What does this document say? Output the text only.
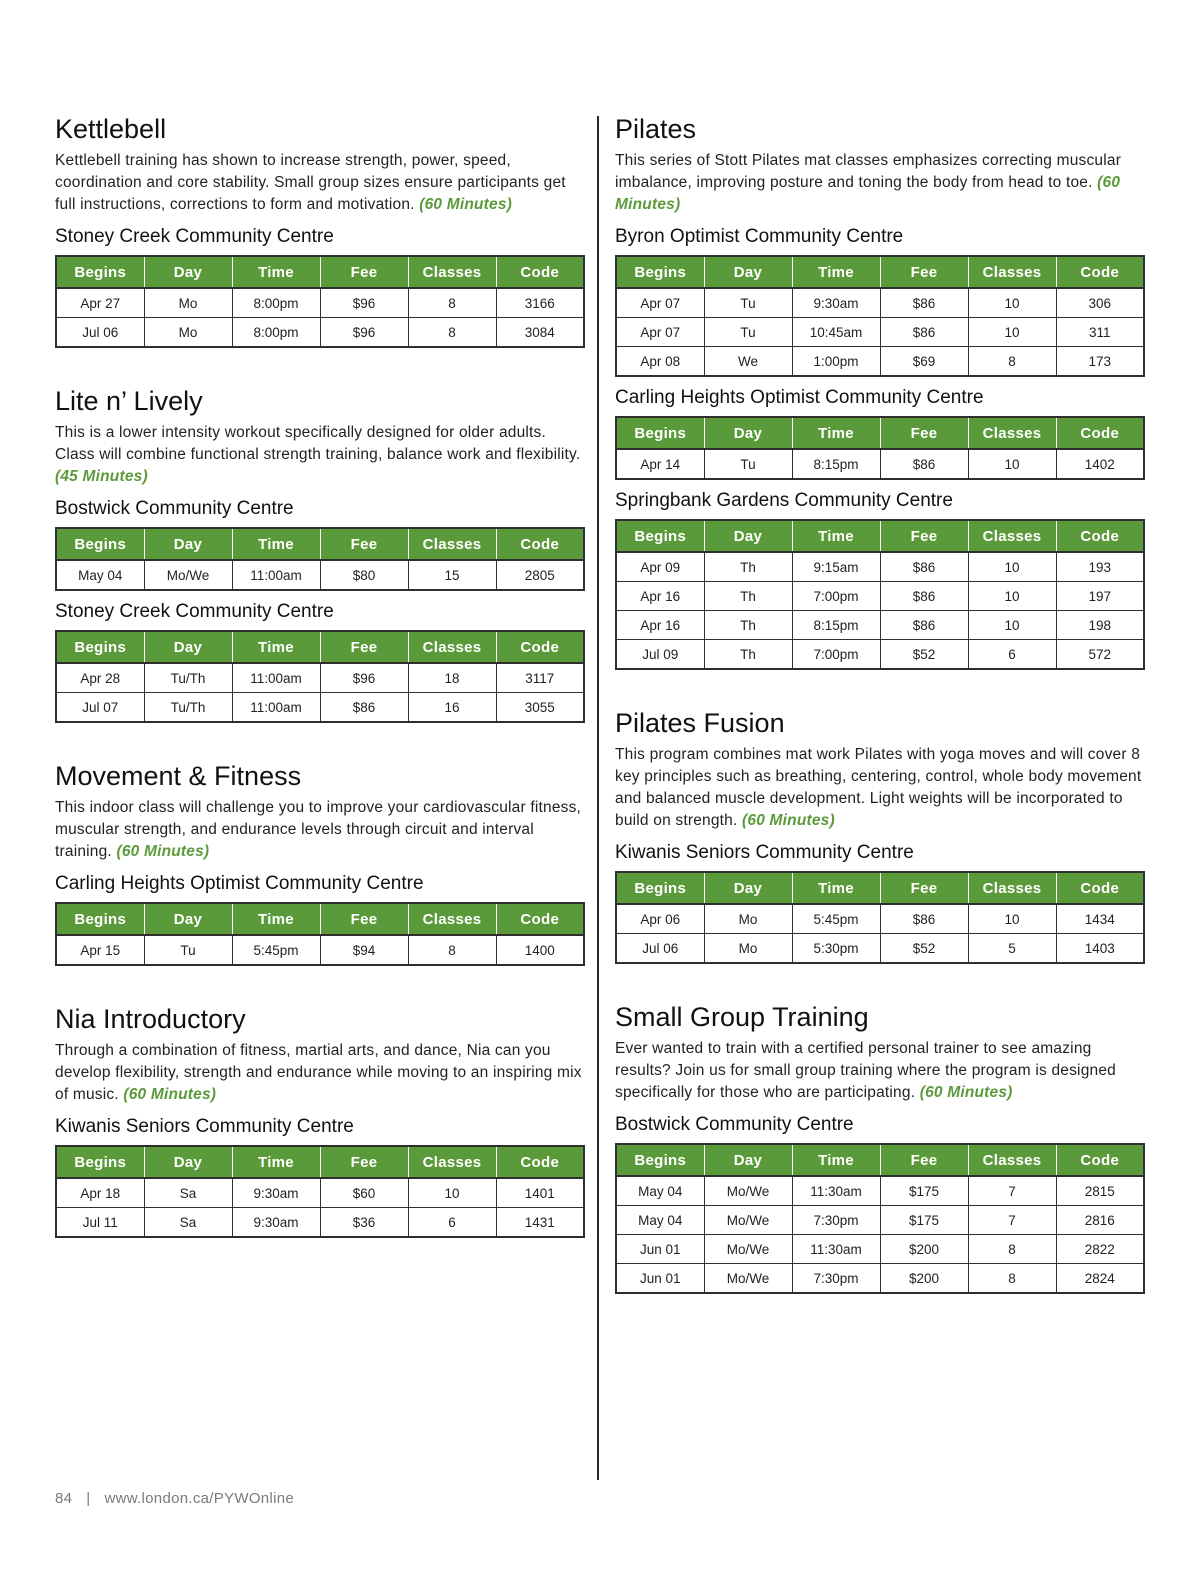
Kettlebell

Kettlebell training has shown to increase strength, power, speed, coordination and core stability. Small group sizes ensure participants get full instructions, corrections to form and motivation. (60 Minutes)

Stoney Creek Community Centre
Begins	Day	Time	Fee	Classes	Code
Apr 27	Mo	8:00pm	$96	8	3166
Jul 06	Mo	8:00pm	$96	8	3084
Lite n’ Lively

This is a lower intensity workout specifically designed for older adults. Class will combine functional strength training, balance work and flexibility. (45 Minutes)

Bostwick Community Centre
Begins	Day	Time	Fee	Classes	Code
May 04	Mo/We	11:00am	$80	15	2805
Stoney Creek Community Centre
Begins	Day	Time	Fee	Classes	Code
Apr 28	Tu/Th	11:00am	$96	18	3117
Jul 07	Tu/Th	11:00am	$86	16	3055
Movement & Fitness

This indoor class will challenge you to improve your cardiovascular fitness, muscular strength, and endurance levels through circuit and interval training. (60 Minutes)

Carling Heights Optimist Community Centre
Begins	Day	Time	Fee	Classes	Code
Apr 15	Tu	5:45pm	$94	8	1400
Nia Introductory

Through a combination of fitness, martial arts, and dance, Nia can you develop flexibility, strength and endurance while moving to an inspiring mix of music. (60 Minutes)

Kiwanis Seniors Community Centre
Begins	Day	Time	Fee	Classes	Code
Apr 18	Sa	9:30am	$60	10	1401
Jul 11	Sa	9:30am	$36	6	1431
Pilates

This series of Stott Pilates mat classes emphasizes correcting muscular imbalance, improving posture and toning the body from head to toe. (60 Minutes)

Byron Optimist Community Centre
Begins	Day	Time	Fee	Classes	Code
Apr 07	Tu	9:30am	$86	10	306
Apr 07	Tu	10:45am	$86	10	311
Apr 08	We	1:00pm	$69	8	173
Carling Heights Optimist Community Centre
Begins	Day	Time	Fee	Classes	Code
Apr 14	Tu	8:15pm	$86	10	1402
Springbank Gardens Community Centre
Begins	Day	Time	Fee	Classes	Code
Apr 09	Th	9:15am	$86	10	193
Apr 16	Th	7:00pm	$86	10	197
Apr 16	Th	8:15pm	$86	10	198
Jul 09	Th	7:00pm	$52	6	572
Pilates Fusion

This program combines mat work Pilates with yoga moves and will cover 8 key principles such as breathing, centering, control, whole body movement and balanced muscle development. Light weights will be incorporated to build on strength. (60 Minutes)

Kiwanis Seniors Community Centre
Begins	Day	Time	Fee	Classes	Code
Apr 06	Mo	5:45pm	$86	10	1434
Jul 06	Mo	5:30pm	$52	5	1403
Small Group Training

Ever wanted to train with a certified personal trainer to see amazing results? Join us for small group training where the program is designed specifically for those who are participating. (60 Minutes)

Bostwick Community Centre
Begins	Day	Time	Fee	Classes	Code
May 04	Mo/We	11:30am	$175	7	2815
May 04	Mo/We	7:30pm	$175	7	2816
Jun 01	Mo/We	11:30am	$200	8	2822
Jun 01	Mo/We	7:30pm	$200	8	2824
84 | www.london.ca/PYWOnline
